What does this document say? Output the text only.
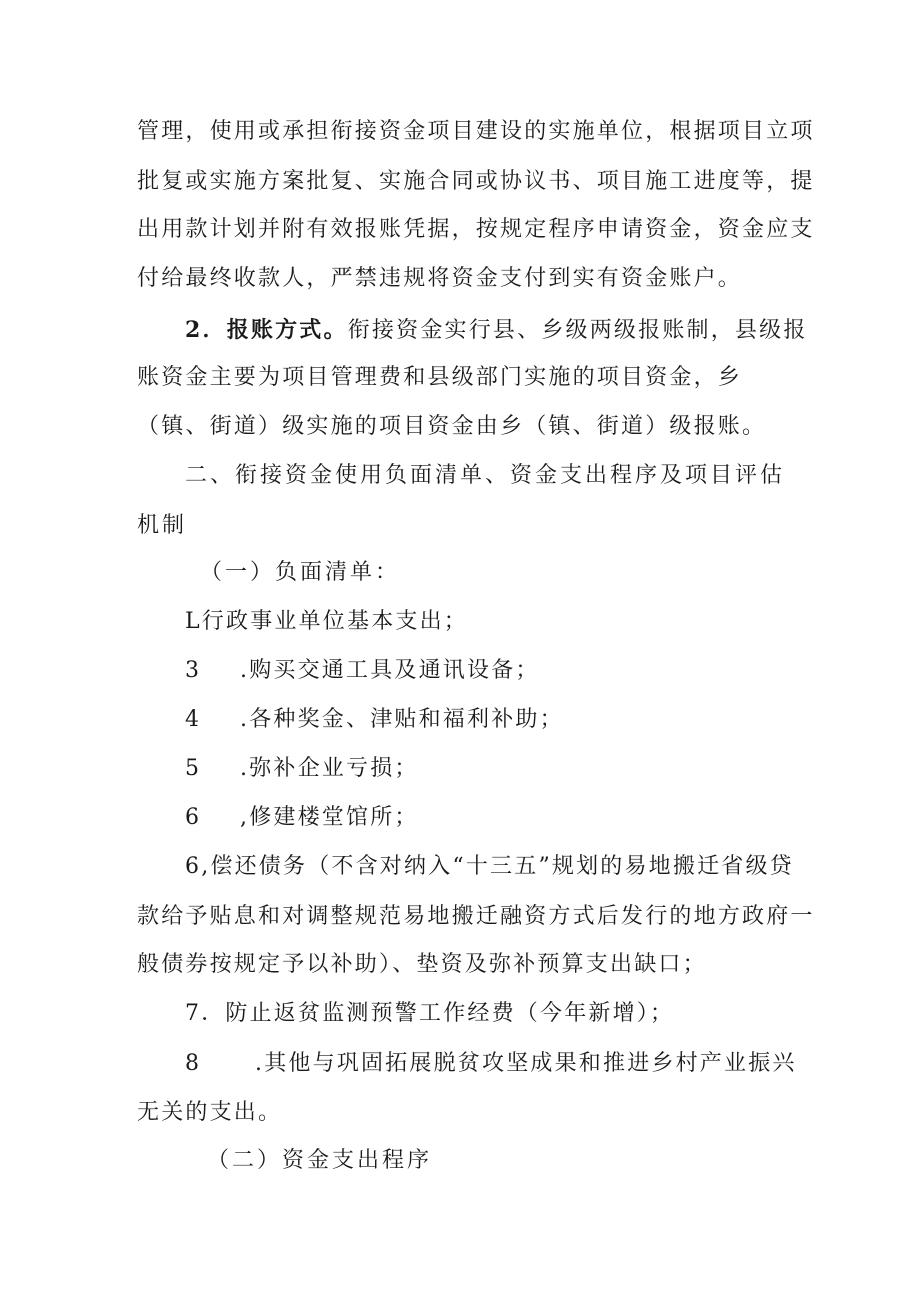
管理，使用或承担衔接资金项目建设的实施单位，根据项目立项
批复或实施方案批复、实施合同或协议书、项目施工进度等，提
出用款计划并附有效报账凭据，按规定程序申请资金，资金应支
付给最终收款人，严禁违规将资金支付到实有资金账户。
2．报账方式。衔接资金实行县、乡级两级报账制，县级报
账资金主要为项目管理费和县级部门实施的项目资金，乡
（镇、街道）级实施的项目资金由乡（镇、街道）级报账。
二、衔接资金使用负面清单、资金支出程序及项目评估
机制
（一）负面清单：
L行政事业单位基本支出；
3 .购买交通工具及通讯设备；
4 .各种奖金、津贴和福利补助；
5 .弥补企业亏损；
6 ,修建楼堂馆所；
6,偿还债务（不含对纳入“十三五”规划的易地搬迁省级贷
款给予贴息和对调整规范易地搬迁融资方式后发行的地方政府一
般债券按规定予以补助）、垫资及弥补预算支出缺口；
7．防止返贫监测预警工作经费（今年新增）；
8 .其他与巩固拓展脱贫攻坚成果和推进乡村产业振兴
无关的支出。
（二）资金支出程序
